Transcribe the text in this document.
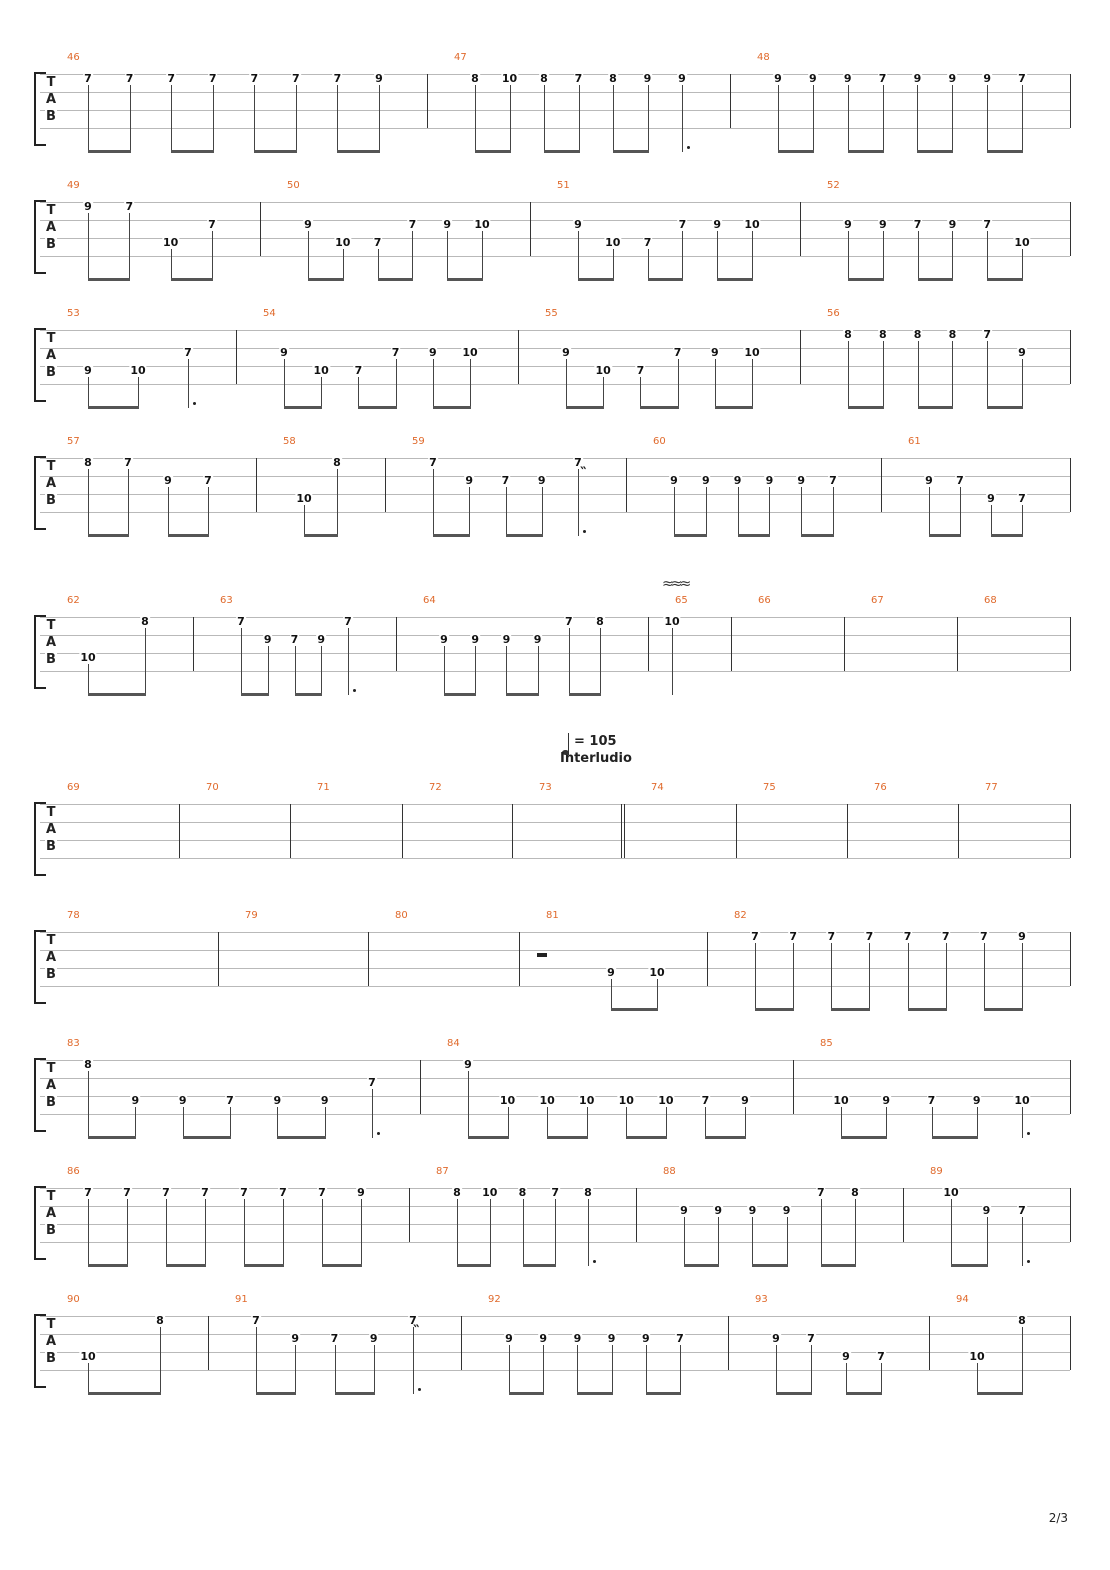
T
A
B
46
7	7	7	7	7	7	7	9
47
8 10 8 7 8 9 9
48
9 9 9 7 9 9 9 7
T
A
B
49
9	7
10
7
50
9
10 7
7 9 10
51
9
10 7
7 9 10
52
9 9 7 9 7
10
T
A
B
53
9	10
7
54
9
10 7
7	9 10
55
9
10 7
7	9 10
56
8 8 8 8 7
9
T
A
B
57
8	7
9	7
58
10
8
59
7
9	7	9
7
60
9 9 9 9 9 7
61
9 7
9 7
T
A
B
62
10
8
63
7
9 7 9
7
64
9 9 9 9
7 8
65
10
66	67	68
T
A
B
69	70	71	72	73	74	75	76	77
T
A
B
78	79	80	81
9	10
82
7	7	7	7	7	7	7	9
T
A
B
83
8
9	9	7	9	9
7
84
9
10 10 10 10 10	7	9
85
10	9	7	9	10
T
A
B
86
7	7	7	7	7	7	7	9
87
8 10 8 7 8
88
9 9 9 9
7 8
89
10
9	7
T
A
B
90
10
8
91
7
9	7	9
7
92
9 9 9 9 9 7
93
9 7
9 7
94
10
8
‶
‶
≈≈≈
= 105
Interludio
2/3
